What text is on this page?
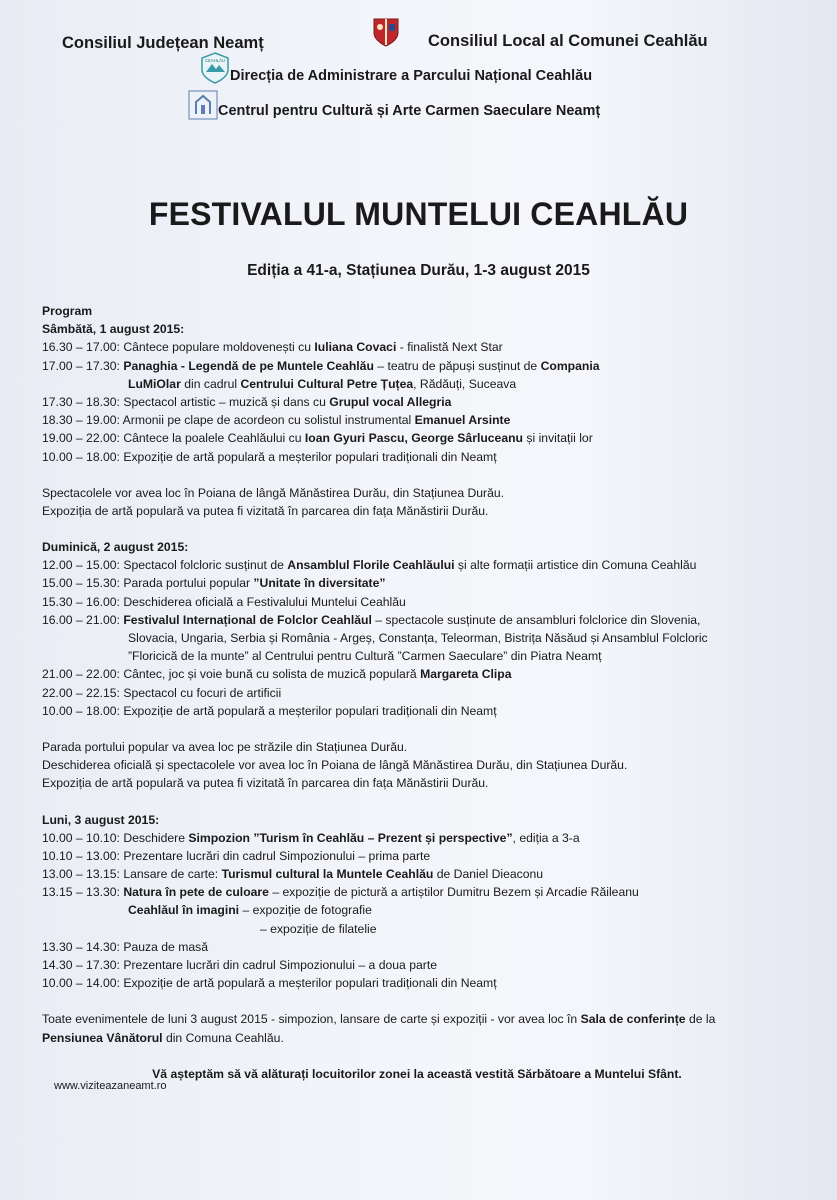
Consiliul Județean Neamț	Consiliul Local al Comunei Ceahlău
CEAHLĂU
Direcția de Administrare a Parcului Național Ceahlău
Centrul pentru Cultură și Arte Carmen Saeculare Neamț
FESTIVALUL MUNTELUI CEAHLĂU
Ediția a 41-a, Stațiunea Durău, 1-3 august 2015
Program
Sâmbătă, 1 august 2015:
16.30 – 17.00: Cântece populare moldovenești cu Iuliana Covaci - finalistă Next Star
17.00 – 17.30: Panaghia - Legendă de pe Muntele Ceahlău – teatru de păpuși susținut de Compania
LuMiOlar din cadrul Centrului Cultural Petre Țuțea, Rădăuți, Suceava
17.30 – 18.30: Spectacol artistic – muzică și dans cu Grupul vocal Allegria
18.30 – 19.00: Armonii pe clape de acordeon cu solistul instrumental Emanuel Arsinte
19.00 – 22.00: Cântece la poalele Ceahlăului cu Ioan Gyuri Pascu, George Sârluceanu și invitații lor
10.00 – 18.00: Expoziție de artă populară a meșterilor populari tradiționali din Neamț
Spectacolele vor avea loc în Poiana de lângă Mănăstirea Durău, din Stațiunea Durău.
Expoziția de artă populară va putea fi vizitată în parcarea din fața Mănăstirii Durău.
Duminică, 2 august 2015:
12.00 – 15.00: Spectacol folcloric susținut de Ansamblul Florile Ceahlăului și alte formații artistice din Comuna Ceahlău
15.00 – 15.30: Parada portului popular ”Unitate în diversitate”
15.30 – 16.00: Deschiderea oficială a Festivalului Muntelui Ceahlău
16.00 – 21.00: Festivalul Internațional de Folclor Ceahlăul – spectacole susținute de ansambluri folclorice din Slovenia,
Slovacia, Ungaria, Serbia și România - Argeș, Constanța, Teleorman, Bistrița Năsăud și Ansamblul Folcloric
”Floricică de la munte” al Centrului pentru Cultură ”Carmen Saeculare” din Piatra Neamț
21.00 – 22.00: Cântec, joc și voie bună cu solista de muzică populară Margareta Clipa
22.00 – 22.15: Spectacol cu focuri de artificii
10.00 – 18.00: Expoziție de artă populară a meșterilor populari tradiționali din Neamț
Parada portului popular va avea loc pe străzile din Stațiunea Durău.
Deschiderea oficială și spectacolele vor avea loc în Poiana de lângă Mănăstirea Durău, din Stațiunea Durău.
Expoziția de artă populară va putea fi vizitată în parcarea din fața Mănăstirii Durău.
Luni, 3 august 2015:
10.00 – 10.10: Deschidere Simpozion ”Turism în Ceahlău – Prezent și perspective”, ediția a 3-a
10.10 – 13.00: Prezentare lucrări din cadrul Simpozionului – prima parte
13.00 – 13.15: Lansare de carte: Turismul cultural la Muntele Ceahlău de Daniel Dieaconu
13.15 – 13.30: Natura în pete de culoare – expoziție de pictură a artiștilor Dumitru Bezem și Arcadie Răileanu
Ceahlăul în imagini – expoziție de fotografie
– expoziție de filatelie
13.30 – 14.30: Pauza de masă
14.30 – 17.30: Prezentare lucrări din cadrul Simpozionului – a doua parte
10.00 – 14.00: Expoziție de artă populară a meșterilor populari tradiționali din Neamț
Toate evenimentele de luni 3 august 2015 - simpozion, lansare de carte și expoziții - vor avea loc în Sala de conferințe de la
Pensiunea Vânătorul din Comuna Ceahlău.
Vă așteptăm să vă alăturați locuitorilor zonei la această vestită Sărbătoare a Muntelui Sfânt.
www.viziteazaneamt.ro
